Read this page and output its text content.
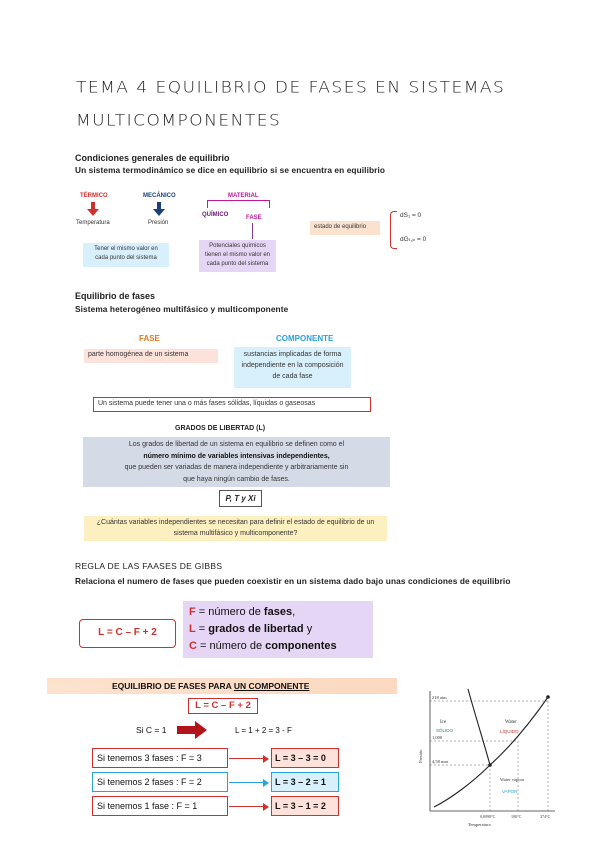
TEMA 4 EQUILIBRIO DE FASES EN SISTEMAS
MULTICOMPONENTES
Condiciones generales de equilibrio
Un sistema termodinámico se dice en equilibrio si se encuentra en equilibrio
TÉRMICO	MECÁNICO
Temperatura	Presión
MATERIAL
QUÍMICO	FASE
Tener el mismo valor en cada punto del sistema
Potenciales químicos tienen el mismo valor en cada punto del sistema
estado de equilibrio
dS₁ = 0
dGₜ,ₚ = 0
Equilibrio de fases
Sistema heterogéneo multifásico y multicomponente
FASE	COMPONENTE
parte homogénea de un sistema	sustancias implicadas de forma independiente en la composición de cada fase
Un sistema puede tener una o más fases sólidas, líquidas o gaseosas
GRADOS DE LIBERTAD (L)
Los grados de libertad de un sistema en equilibrio se definen como el
número mínimo de variables intensivas independientes,
que pueden ser variadas de manera independiente y arbitrariamente sin
que haya ningún cambio de fases.
P, T y Xi
¿Cuántas variables independientes se necesitan para definir el estado de equilibrio de un sistema multifásico y multicomponente?
REGLA DE LAS FAASES DE GIBBS
Relaciona el numero de fases que pueden coexistir en un sistema dado bajo unas condiciones de equilibrio
L = C – F + 2
F = número de fases,
L = grados de libertad y
C = número de componentes
EQUILIBRIO DE FASES PARA UN COMPONENTE
L = C – F + 2
Si C = 1	L = 1 + 2 = 3 - F
Si tenemos 3 fases : F = 3	L = 3 – 3 = 0
Si tenemos 2 fases : F = 2	L = 3 – 2 = 1
Si tenemos 1 fase : F = 1	L = 3 – 1 = 2
218 atm
1,000
4,58 mm
Ice
SÓLIDO
Water
LÍQUIDO
Water vapour
VAPOR
0,0098°C	100°C	374°C
Temperatura
Presión
